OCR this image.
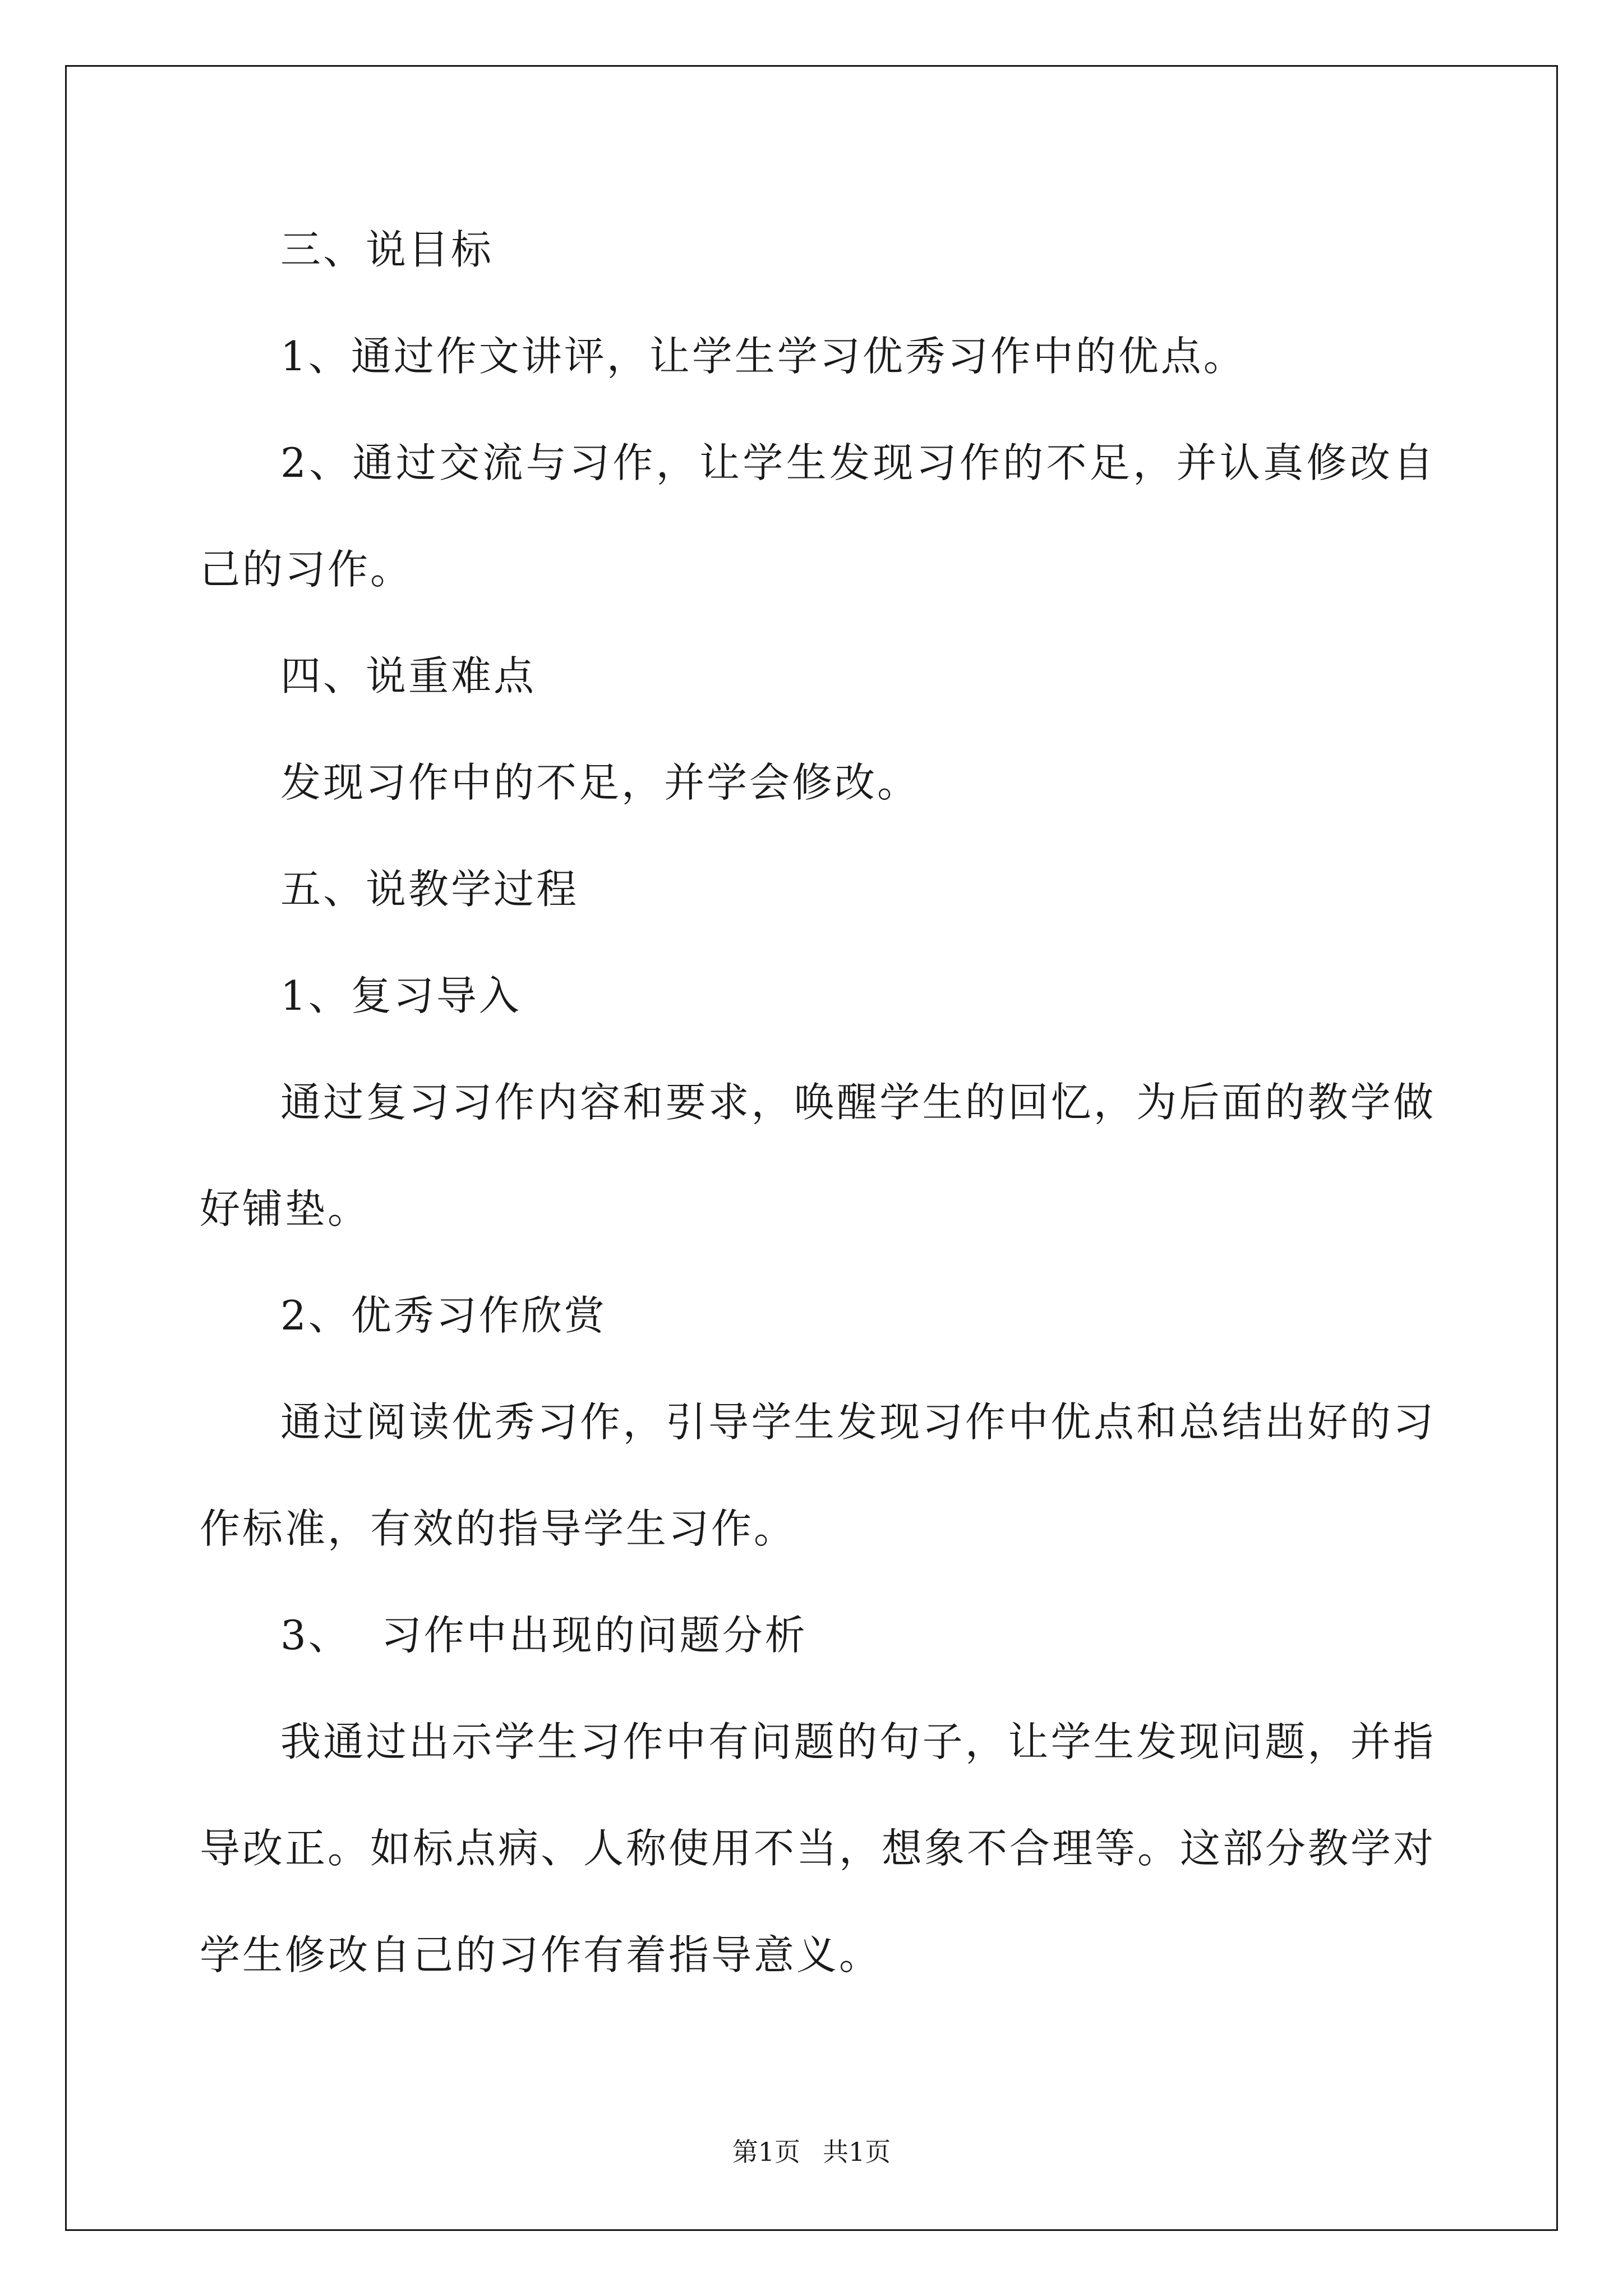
三、说目标

1、通过作文讲评，让学生学习优秀习作中的优点。

2、通过交流与习作，让学生发现习作的不足，并认真修改自己的习作。

四、说重难点

发现习作中的不足，并学会修改。

五、说教学过程

1、复习导入

通过复习习作内容和要求，唤醒学生的回忆，为后面的教学做好铺垫。

2、优秀习作欣赏

通过阅读优秀习作，引导学生发现习作中优点和总结出好的习作标准，有效的指导学生习作。

3、  习作中出现的问题分析

我通过出示学生习作中有问题的句子，让学生发现问题，并指导改正。如标点病、人称使用不当，想象不合理等。这部分教学对学生修改自己的习作有着指导意义。

第1页 共1页
